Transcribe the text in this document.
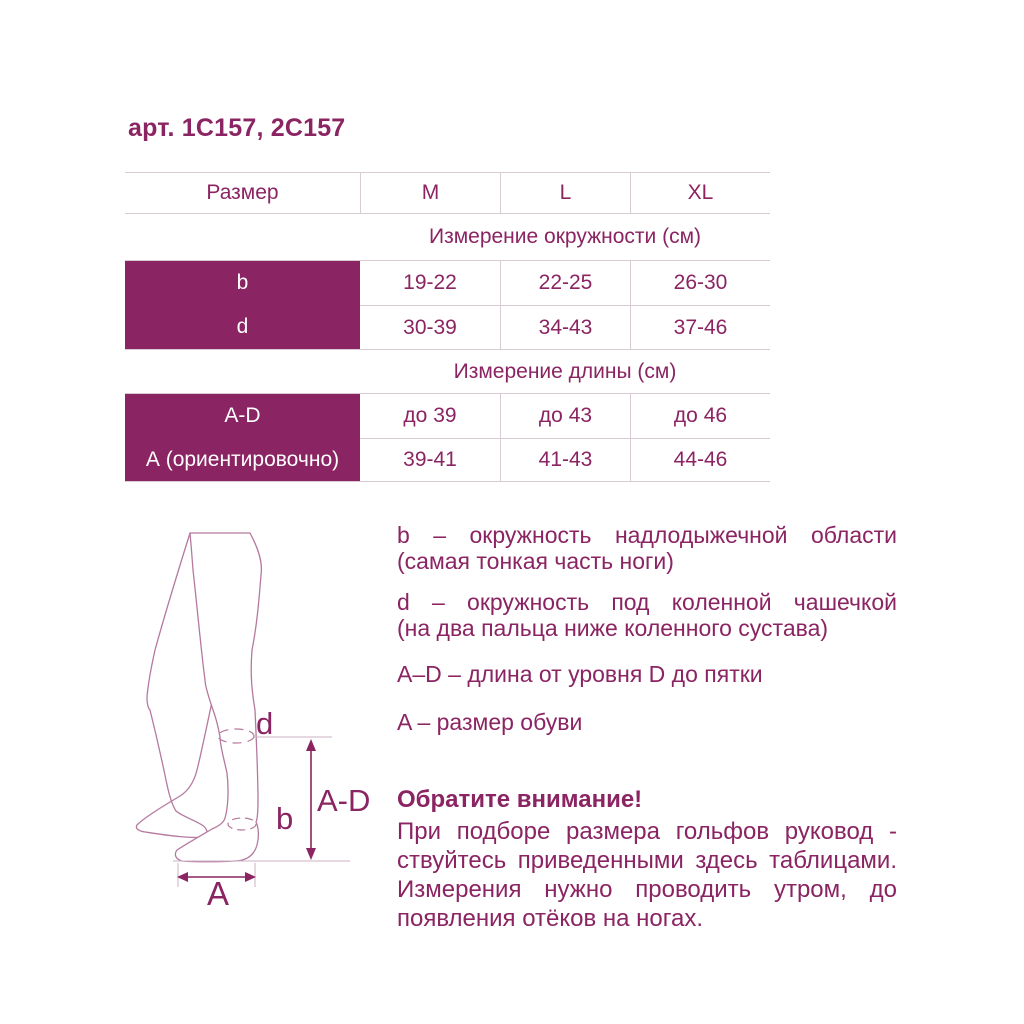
арт. 1С157, 2С157
Размер	M	L	XL
Измерение окружности (см)
b	19-22	22-25	26-30
d	30-39	34-43	37-46
Измерение длины (см)
A-D	до 39	до 43	до 46
А (ориентировочно)	39-41	41-43	44-46
d
b
A-D
A
b – окружность надлодыжечной области
(самая тонкая часть ноги)
d – окружность под коленной чашечкой
(на два пальца ниже коленного сустава)
A–D – длина от уровня D до пятки
A – размер обуви
Обратите внимание!
При подборе размера гольфов руковод -
ствуйтесь приведенными здесь таблицами.
Измерения нужно проводить утром, до
появления отёков на ногах.
